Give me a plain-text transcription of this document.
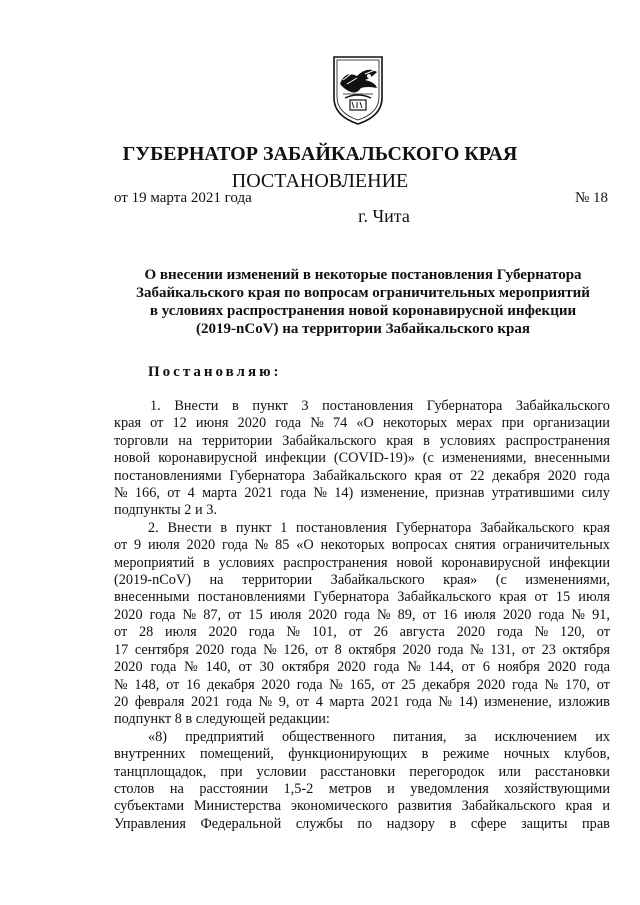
ГУБЕРНАТОР ЗАБАЙКАЛЬСКОГО КРАЯ
ПОСТАНОВЛЕНИЕ
от 19 марта 2021 года	№ 18
г. Чита
О внесении изменений в некоторые постановления Губернатора
Забайкальского края по вопросам ограничительных мероприятий
в условиях распространения новой коронавирусной инфекции
(2019-nCoV) на территории Забайкальского края
Постановляю:
1. Внести в пункт 3 постановления Губернатора Забайкальского
края от 12 июня 2020 года № 74 «О некоторых мерах при организации
торговли на территории Забайкальского края в условиях распространения
новой коронавирусной инфекции (COVID-19)» (с изменениями, внесенными
постановлениями Губернатора Забайкальского края от 22 декабря 2020 года
№ 166, от 4 марта 2021 года № 14) изменение, признав утратившими силу
подпункты 2 и 3.
2. Внести в пункт 1 постановления Губернатора Забайкальского края
от 9 июля 2020 года № 85 «О некоторых вопросах снятия ограничительных
мероприятий в условиях распространения новой коронавирусной инфекции
(2019-nCoV) на территории Забайкальского края» (с изменениями,
внесенными постановлениями Губернатора Забайкальского края от 15 июля
2020 года № 87, от 15 июля 2020 года № 89, от 16 июля 2020 года № 91,
от 28 июля 2020 года № 101, от 26 августа 2020 года № 120, от
17 сентября 2020 года № 126, от 8 октября 2020 года № 131, от 23 октября
2020 года № 140, от 30 октября 2020 года № 144, от 6 ноября 2020 года
№ 148, от 16 декабря 2020 года № 165, от 25 декабря 2020 года № 170, от
20 февраля 2021 года № 9, от 4 марта 2021 года № 14) изменение, изложив
подпункт 8 в следующей редакции:
«8) предприятий общественного питания, за исключением их
внутренних помещений, функционирующих в режиме ночных клубов,
танцплощадок, при условии расстановки перегородок или расстановки
столов на расстоянии 1,5-2 метров и уведомления хозяйствующими
субъектами Министерства экономического развития Забайкальского края и
Управления Федеральной службы по надзору в сфере защиты прав
